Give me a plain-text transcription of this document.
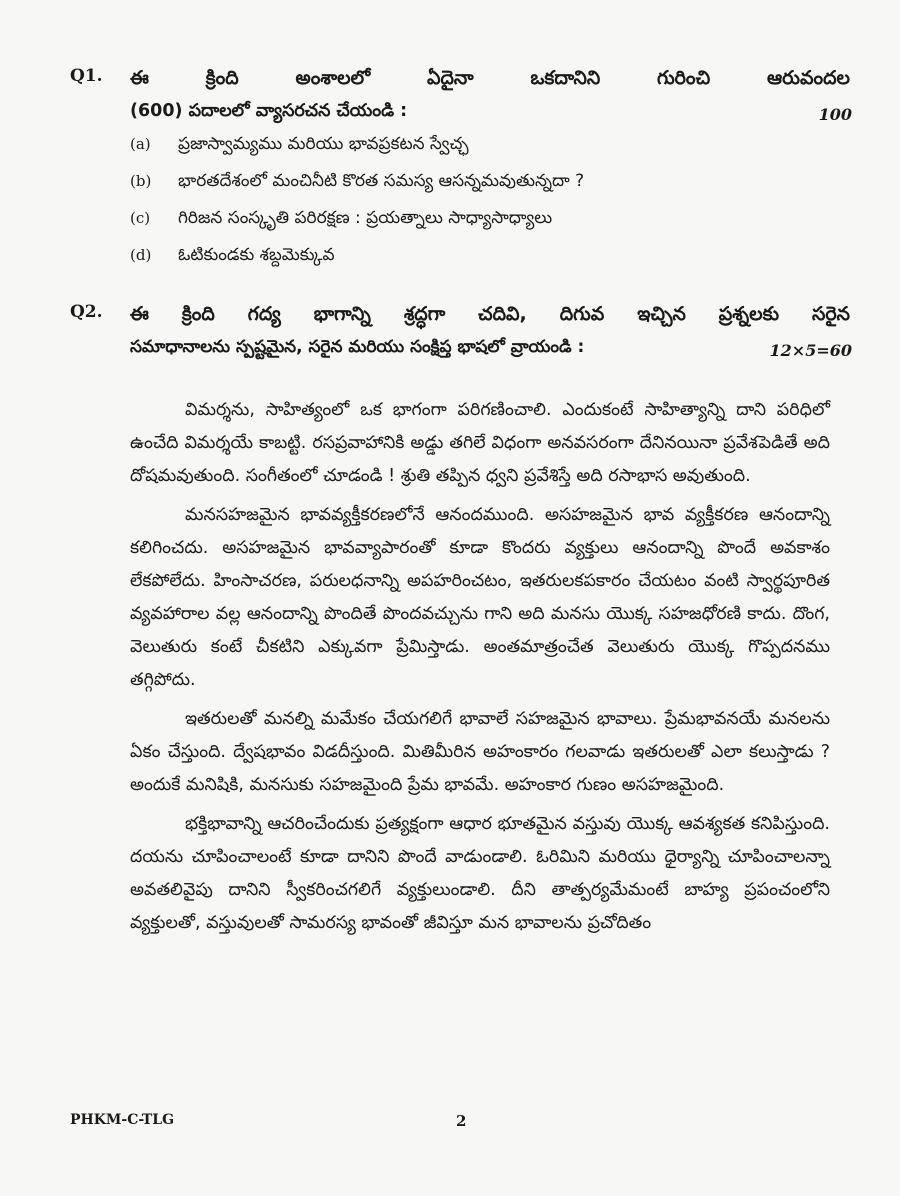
Q1. ఈ క్రింది అంశాలలో ఏదైనా ఒకదానిని గురించి ఆరువందల
(600) పదాలలో వ్యాసరచన చేయండి :	100
(a) ప్రజాస్వామ్యము మరియు భావప్రకటన స్వేచ్ఛ
(b) భారతదేశంలో మంచినీటి కొరత సమస్య ఆసన్నమవుతున్నదా ?
(c) గిరిజన సంస్కృతి పరిరక్షణ : ప్రయత్నాలు సాధ్యాసాధ్యాలు
(d) ఓటికుండకు శబ్దమెక్కువ
Q2. ఈ క్రింది గద్య భాగాన్ని శ్రద్ధగా చదివి, దిగువ ఇచ్చిన ప్రశ్నలకు సరైన
సమాధానాలను స్పష్టమైన, సరైన మరియు సంక్షిప్త భాషలో వ్రాయండి :	12×5=60

విమర్శను, సాహిత్యంలో ఒక భాగంగా పరిగణించాలి. ఎందుకంటే సాహిత్యాన్ని దాని పరిధిలో ఉంచేది విమర్శయే కాబట్టి. రసప్రవాహానికి అడ్డు తగిలే విధంగా అనవసరంగా దేనినయినా ప్రవేశపెడితే అది దోషమవుతుంది. సంగీతంలో చూడండి ! శ్రుతి తప్పిన ధ్వని ప్రవేశిస్తే అది రసాభాస అవుతుంది.

మనసహజమైన భావవ్యక్తీకరణలోనే ఆనందముంది. అసహజమైన భావ వ్యక్తీకరణ ఆనందాన్ని కలిగించదు. అసహజమైన భావవ్యాపారంతో కూడా కొందరు వ్యక్తులు ఆనందాన్ని పొందే అవకాశం లేకపోలేదు. హింసాచరణ, పరులధనాన్ని అపహరించటం, ఇతరులకపకారం చేయటం వంటి స్వార్థపూరిత వ్యవహారాల వల్ల ఆనందాన్ని పొందితే పొందవచ్చును గాని అది మనసు యొక్క సహజధోరణి కాదు. దొంగ, వెలుతురు కంటే చీకటిని ఎక్కువగా ప్రేమిస్తాడు. అంతమాత్రంచేత వెలుతురు యొక్క గొప్పదనము తగ్గిపోదు.

ఇతరులతో మనల్ని మమేకం చేయగలిగే భావాలే సహజమైన భావాలు. ప్రేమభావనయే మనలను ఏకం చేస్తుంది. ద్వేషభావం విడదీస్తుంది. మితిమీరిన అహంకారం గలవాడు ఇతరులతో ఎలా కలుస్తాడు ? అందుకే మనిషికి, మనసుకు సహజమైంది ప్రేమ భావమే. అహంకార గుణం అసహజమైంది.

భక్తిభావాన్ని ఆచరించేందుకు ప్రత్యక్షంగా ఆధార భూతమైన వస్తువు యొక్క ఆవశ్యకత కనిపిస్తుంది. దయను చూపించాలంటే కూడా దానిని పొందే వాడుండాలి. ఓరిమిని మరియు ధైర్యాన్ని చూపించాలన్నా అవతలివైపు దానిని స్వీకరించగలిగే వ్యక్తులుండాలి. దీని తాత్పర్యమేమంటే బాహ్య ప్రపంచంలోని వ్యక్తులతో, వస్తువులతో సామరస్య భావంతో జీవిస్తూ మన భావాలను ప్రచోదితం

PHKM-C-TLG	2
